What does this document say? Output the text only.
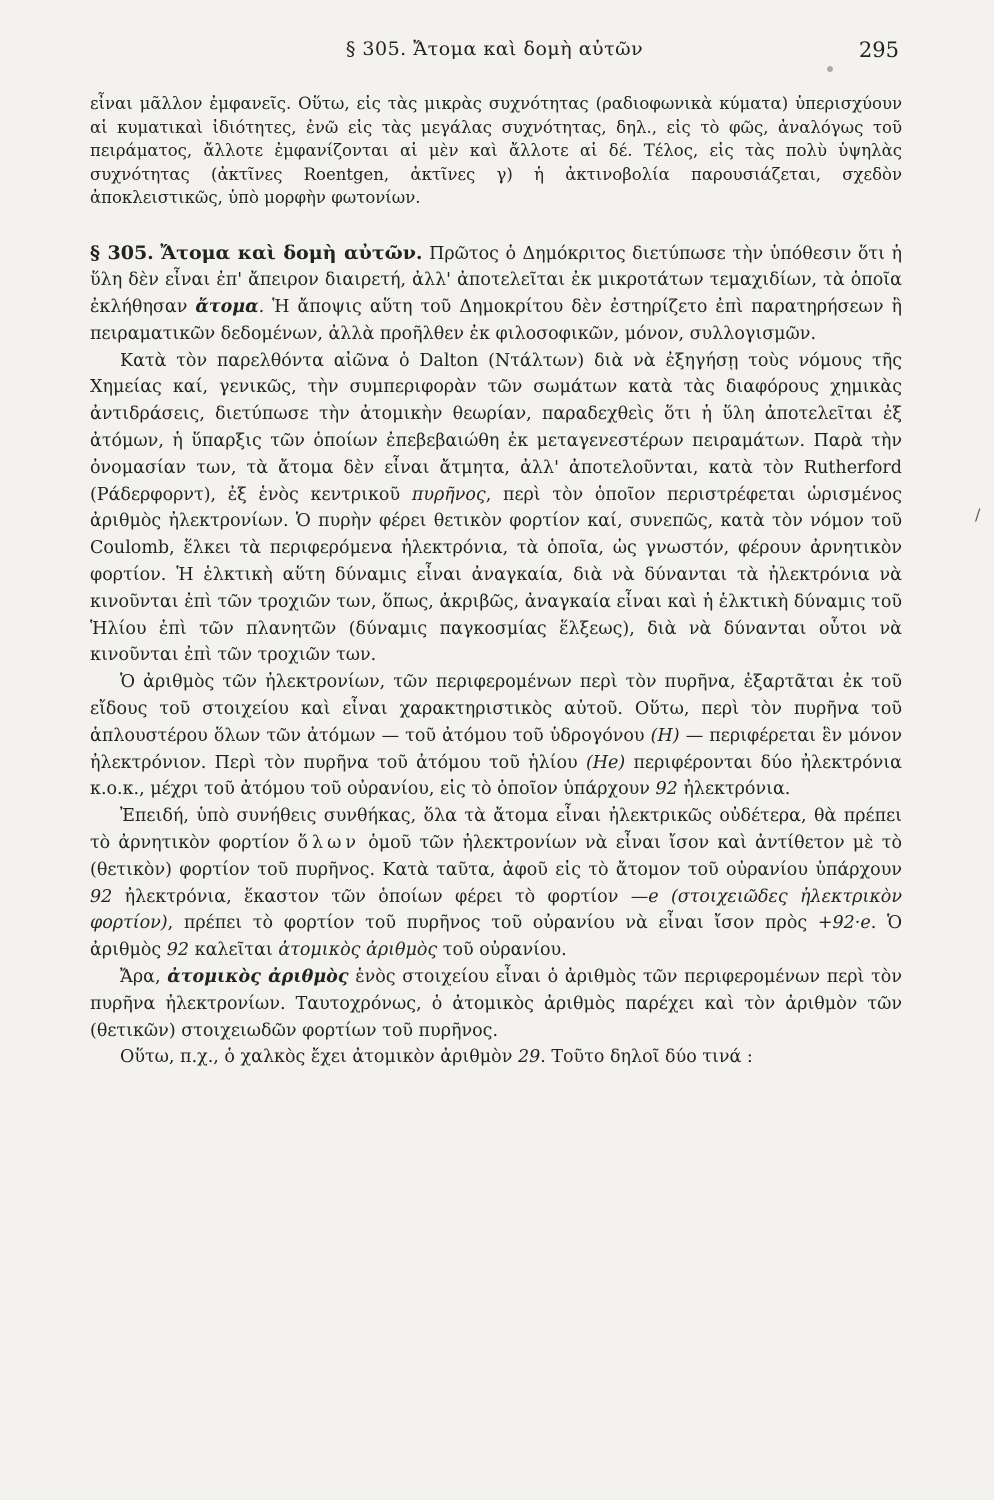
§ 305. Ἄτομα καὶ δομὴ αὐτῶν	295

εἶναι μᾶλλον ἐμφανεῖς. Οὕτω, εἰς τὰς μικρὰς συχνότητας (ραδιοφωνικὰ κύματα) ὑπερισχύουν αἱ κυματικαὶ ἰδιότητες, ἐνῶ εἰς τὰς μεγάλας συχνότητας, δηλ., εἰς τὸ φῶς, ἀναλόγως τοῦ πειράματος, ἄλλοτε ἐμφανίζονται αἱ μὲν καὶ ἄλλοτε αἱ δέ. Τέλος, εἰς τὰς πολὺ ὑψηλὰς συχνότητας (ἀκτῖνες Roentgen, ἀκτῖνες γ) ἡ ἀκτινοβολία παρουσιάζεται, σχεδὸν ἀποκλειστικῶς, ὑπὸ μορφὴν φωτονίων.

§ 305. Ἄτομα καὶ δομὴ αὐτῶν. Πρῶτος ὁ Δημόκριτος διετύπωσε τὴν ὑπόθεσιν ὅτι ἡ ὕλη δὲν εἶναι ἐπ' ἄπειρον διαιρετή, ἀλλ' ἀποτελεῖται ἐκ μικροτάτων τεμαχιδίων, τὰ ὁποῖα ἐκλήθησαν ἄτομα. Ἡ ἄποψις αὕτη τοῦ Δημοκρίτου δὲν ἐστηρίζετο ἐπὶ παρατηρήσεων ἢ πειραματικῶν δεδομένων, ἀλλὰ προῆλθεν ἐκ φιλοσοφικῶν, μόνον, συλλογισμῶν.

Κατὰ τὸν παρελθόντα αἰῶνα ὁ Dalton (Ντάλτων) διὰ νὰ ἐξηγήσῃ τοὺς νόμους τῆς Χημείας καί, γενικῶς, τὴν συμπεριφορὰν τῶν σωμάτων κατὰ τὰς διαφόρους χημικὰς ἀντιδράσεις, διετύπωσε τὴν ἀτομικὴν θεωρίαν, παραδεχθεὶς ὅτι ἡ ὕλη ἀποτελεῖται ἐξ ἀτόμων, ἡ ὕπαρξις τῶν ὁποίων ἐπεβεβαιώθη ἐκ μεταγενεστέρων πειραμάτων. Παρὰ τὴν ὀνομασίαν των, τὰ ἄτομα δὲν εἶναι ἄτμητα, ἀλλ' ἀποτελοῦνται, κατὰ τὸν Rutherford (Ράδερφορντ), ἐξ ἑνὸς κεντρικοῦ πυρῆνος, περὶ τὸν ὁποῖον περιστρέφεται ὡρισμένος ἀριθμὸς ἠλεκτρονίων. Ὁ πυρὴν φέρει θετικὸν φορτίον καί, συνεπῶς, κατὰ τὸν νόμον τοῦ Coulomb, ἕλκει τὰ περιφερόμενα ἠλεκτρόνια, τὰ ὁποῖα, ὡς γνωστόν, φέρουν ἀρνητικὸν φορτίον. Ἡ ἑλκτικὴ αὕτη δύναμις εἶναι ἀναγκαία, διὰ νὰ δύνανται τὰ ἠλεκτρόνια νὰ κινοῦνται ἐπὶ τῶν τροχιῶν των, ὅπως, ἀκριβῶς, ἀναγκαία εἶναι καὶ ἡ ἑλκτικὴ δύναμις τοῦ Ἡλίου ἐπὶ τῶν πλανητῶν (δύναμις παγκοσμίας ἕλξεως), διὰ νὰ δύνανται οὗτοι νὰ κινοῦνται ἐπὶ τῶν τροχιῶν των.

Ὁ ἀριθμὸς τῶν ἠλεκτρονίων, τῶν περιφερομένων περὶ τὸν πυρῆνα, ἐξαρτᾶται ἐκ τοῦ εἴδους τοῦ στοιχείου καὶ εἶναι χαρακτηριστικὸς αὐτοῦ. Οὕτω, περὶ τὸν πυρῆνα τοῦ ἁπλουστέρου ὅλων τῶν ἀτόμων — τοῦ ἀτόμου τοῦ ὑδρογόνου (H) — περιφέρεται ἓν μόνον ἠλεκτρόνιον. Περὶ τὸν πυρῆνα τοῦ ἀτόμου τοῦ ἡλίου (He) περιφέρονται δύο ἠλεκτρόνια κ.ο.κ., μέχρι τοῦ ἀτόμου τοῦ οὐρανίου, εἰς τὸ ὁποῖον ὑπάρχουν 92 ἠλεκτρόνια.

Ἐπειδή, ὑπὸ συνήθεις συνθήκας, ὅλα τὰ ἄτομα εἶναι ἠλεκτρικῶς οὐδέτερα, θὰ πρέπει τὸ ἀρνητικὸν φορτίον ὅλων ὁμοῦ τῶν ἠλεκτρονίων νὰ εἶναι ἴσον καὶ ἀντίθετον μὲ τὸ (θετικὸν) φορτίον τοῦ πυρῆνος. Κατὰ ταῦτα, ἀφοῦ εἰς τὸ ἄτομον τοῦ οὐρανίου ὑπάρχουν 92 ἠλεκτρόνια, ἕκαστον τῶν ὁποίων φέρει τὸ φορτίον —e (στοιχειῶδες ἠλεκτρικὸν φορτίον), πρέπει τὸ φορτίον τοῦ πυρῆνος τοῦ οὐρανίου νὰ εἶναι ἴσον πρὸς +92·e. Ὁ ἀριθμὸς 92 καλεῖται ἀτομικὸς ἀριθμὸς τοῦ οὐρανίου.

Ἄρα, ἀτομικὸς ἀριθμὸς ἑνὸς στοιχείου εἶναι ὁ ἀριθμὸς τῶν περιφερομένων περὶ τὸν πυρῆνα ἠλεκτρονίων. Ταυτοχρόνως, ὁ ἀτομικὸς ἀριθμὸς παρέχει καὶ τὸν ἀριθμὸν τῶν (θετικῶν) στοιχειωδῶν φορτίων τοῦ πυρῆνος.

Οὕτω, π.χ., ὁ χαλκὸς ἔχει ἀτομικὸν ἀριθμὸν 29. Τοῦτο δηλοῖ δύο τινά :

/
